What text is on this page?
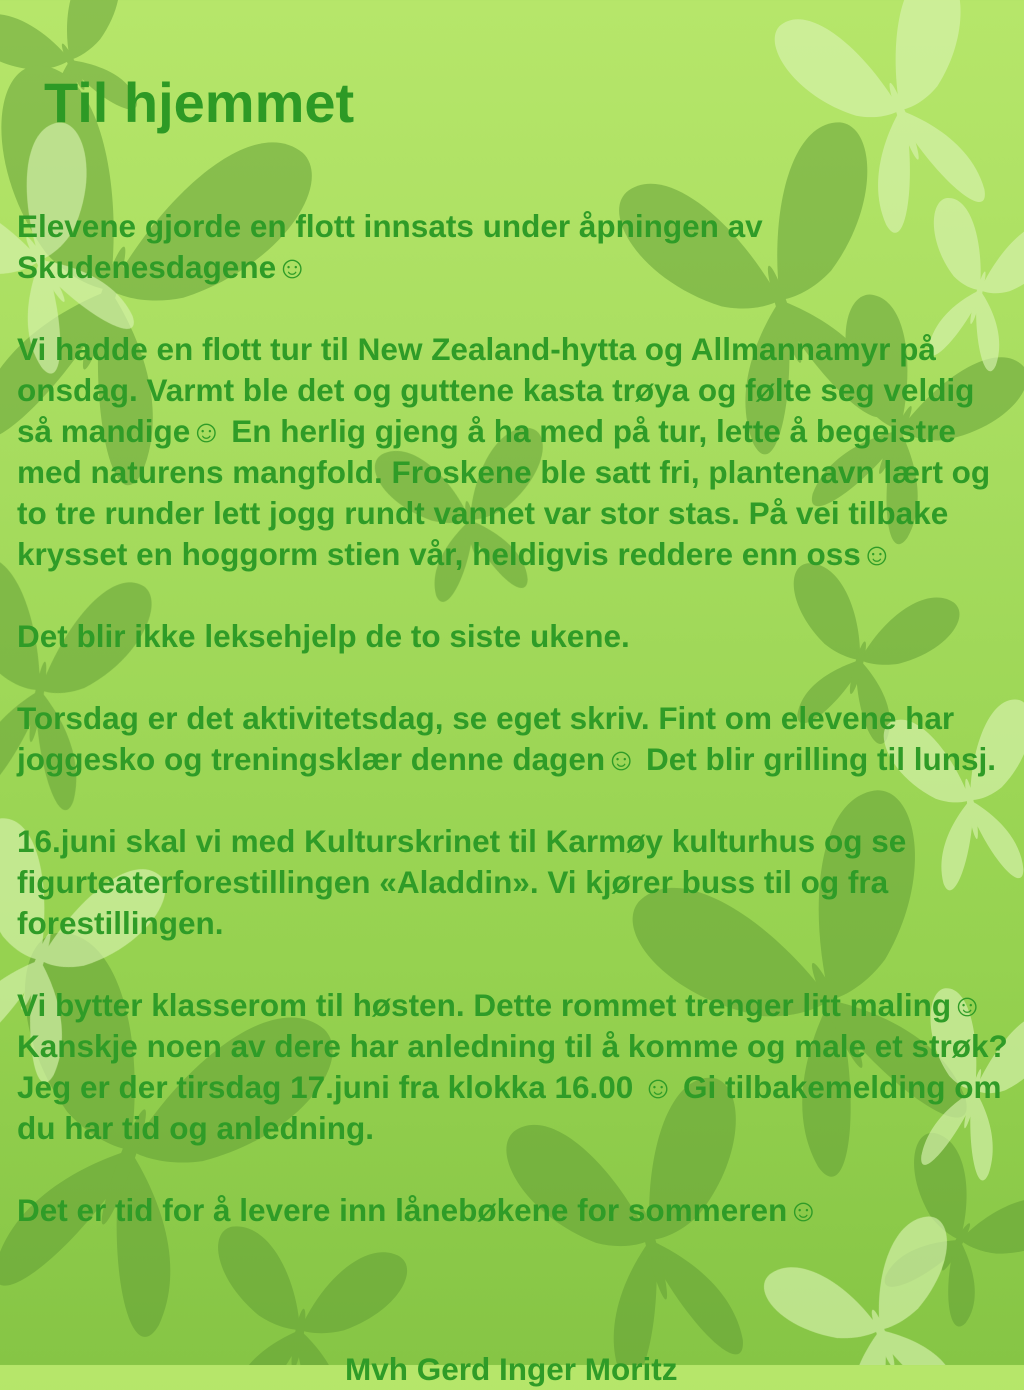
Til hjemmet

Elevene gjorde en flott innsats under åpningen av Skudenesdagene☺

Vi hadde en flott tur til New Zealand-hytta og Allmannamyr på onsdag. Varmt ble det og guttene kasta trøya og følte seg veldig så mandige☺ En herlig gjeng å ha med på tur, lette å begeistre med naturens mangfold. Froskene ble satt fri, plantenavn lært og to tre runder lett jogg rundt vannet var stor stas. På vei tilbake krysset en hoggorm stien vår, heldigvis reddere enn oss☺

Det blir ikke leksehjelp de to siste ukene.

Torsdag er det aktivitetsdag, se eget skriv. Fint om elevene har joggesko og treningsklær denne dagen☺ Det blir grilling til lunsj.

16.juni skal vi med Kulturskrinet til Karmøy kulturhus og se figurteaterforestillingen «Aladdin». Vi kjører buss til og fra forestillingen.

Vi bytter klasserom til høsten. Dette rommet trenger litt maling☺ Kanskje noen av dere har anledning til å komme og male et strøk? Jeg er der tirsdag 17.juni fra klokka 16.00 ☺ Gi tilbakemelding om du har tid og anledning.

Det er tid for å levere inn lånebøkene for sommeren☺

Mvh Gerd Inger Moritz
